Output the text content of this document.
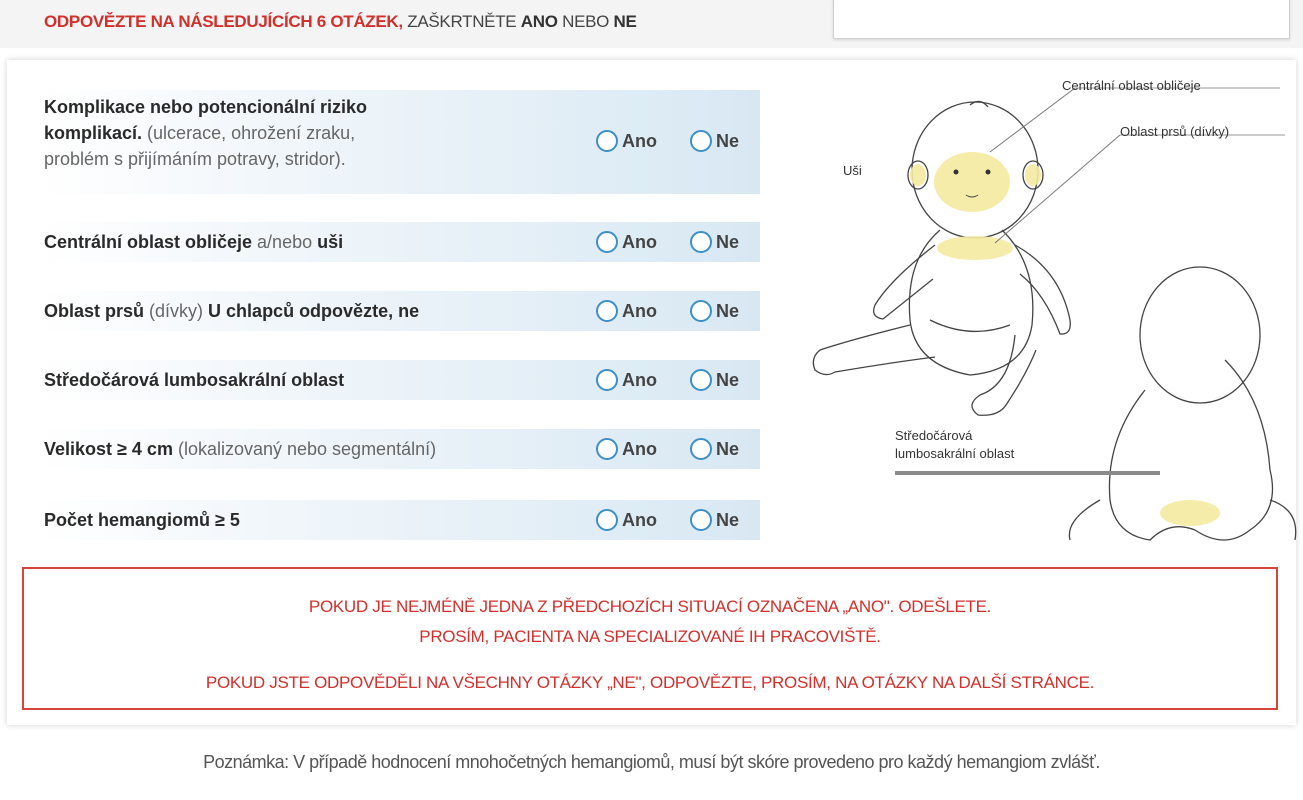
ODPOVĚZTE NA NÁSLEDUJÍCÍCH 6 OTÁZEK, ZAŠKRTNĚTE ANO NEBO NE
Komplikace nebo potencionální riziko
komplikací. (ulcerace, ohrožení zraku,
problém s přijímáním potravy, stridor).
Ano	Ne
Centrální oblast obličeje a/nebo uši	Ano	Ne
Oblast prsů (dívky) U chlapců odpovězte, ne	Ano	Ne
Středočárová lumbosakrální oblast	Ano	Ne
Velikost ≥ 4 cm (lokalizovaný nebo segmentální)	Ano	Ne
Počet hemangiomů ≥ 5	Ano	Ne
Centrální oblast obličeje
Oblast prsů (dívky)
Uši
Středočárová
lumbosakrální oblast
POKUD JE NEJMÉNĚ JEDNA Z PŘEDCHOZÍCH SITUACÍ OZNAČENA „ANO". ODEŠLETE.
PROSÍM, PACIENTA NA SPECIALIZOVANÉ IH PRACOVIŠTĚ.
POKUD JSTE ODPOVĚDĚLI NA VŠECHNY OTÁZKY „NE", ODPOVĚZTE, PROSÍM, NA OTÁZKY NA DALŠÍ STRÁNCE.
Poznámka: V případě hodnocení mnohočetných hemangiomů, musí být skóre provedeno pro každý hemangiom zvlášť.
